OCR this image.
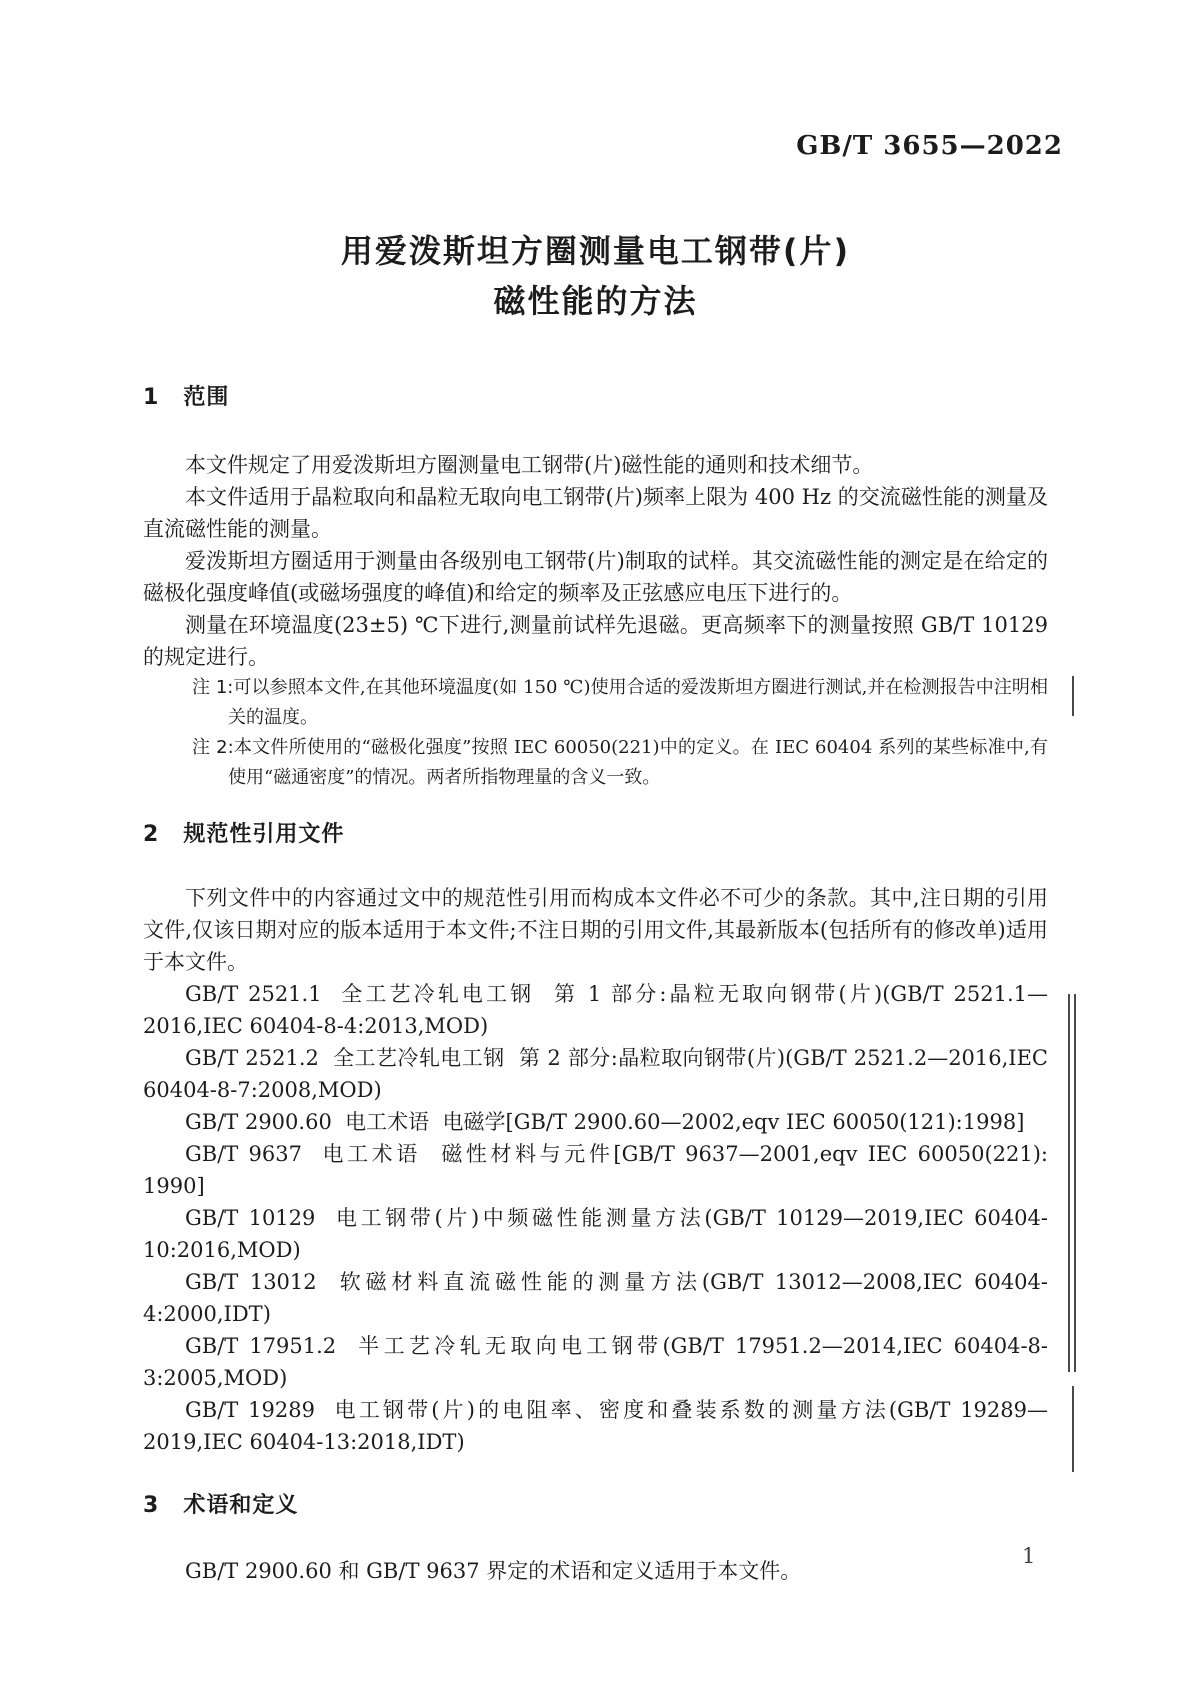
GB/T 3655—2022
用爱泼斯坦方圈测量电工钢带(片)
磁性能的方法
1 范围

本文件规定了用爱泼斯坦方圈测量电工钢带(片)磁性能的通则和技术细节。

本文件适用于晶粒取向和晶粒无取向电工钢带(片)频率上限为 400 Hz 的交流磁性能的测量及直流磁性能的测量。

爱泼斯坦方圈适用于测量由各级别电工钢带(片)制取的试样。其交流磁性能的测定是在给定的磁极化强度峰值(或磁场强度的峰值)和给定的频率及正弦感应电压下进行的。

测量在环境温度(23±5) ℃下进行,测量前试样先退磁。更高频率下的测量按照 GB/T 10129 的规定进行。

注 1:可以参照本文件,在其他环境温度(如 150 ℃)使用合适的爱泼斯坦方圈进行测试,并在检测报告中注明相关的温度。
注 2:本文件所使用的“磁极化强度”按照 IEC 60050(221)中的定义。在 IEC 60404 系列的某些标准中,有使用“磁通密度”的情况。两者所指物理量的含义一致。
2 规范性引用文件

下列文件中的内容通过文中的规范性引用而构成本文件必不可少的条款。其中,注日期的引用文件,仅该日期对应的版本适用于本文件;不注日期的引用文件,其最新版本(包括所有的修改单)适用于本文件。

GB/T 2521.1  全工艺冷轧电工钢  第 1 部分:晶粒无取向钢带(片)(GB/T 2521.1—2016,IEC 60404-8-4:2013,MOD)

GB/T 2521.2  全工艺冷轧电工钢  第 2 部分:晶粒取向钢带(片)(GB/T 2521.2—2016,IEC 60404-8-7:2008,MOD)

GB/T 2900.60  电工术语  电磁学[GB/T 2900.60—2002,eqv IEC 60050(121):1998]

GB/T 9637  电工术语  磁性材料与元件[GB/T 9637—2001,eqv IEC 60050(221): 1990]

GB/T 10129  电工钢带(片)中频磁性能测量方法(GB/T 10129—2019,IEC 60404-10:2016,MOD)

GB/T 13012  软磁材料直流磁性能的测量方法(GB/T 13012—2008,IEC 60404-4:2000,IDT)

GB/T 17951.2  半工艺冷轧无取向电工钢带(GB/T 17951.2—2014,IEC 60404-8-3:2005,MOD)

GB/T 19289  电工钢带(片)的电阻率、密度和叠装系数的测量方法(GB/T 19289—2019,IEC 60404-13:2018,IDT)

3 术语和定义

GB/T 2900.60 和 GB/T 9637 界定的术语和定义适用于本文件。

1
